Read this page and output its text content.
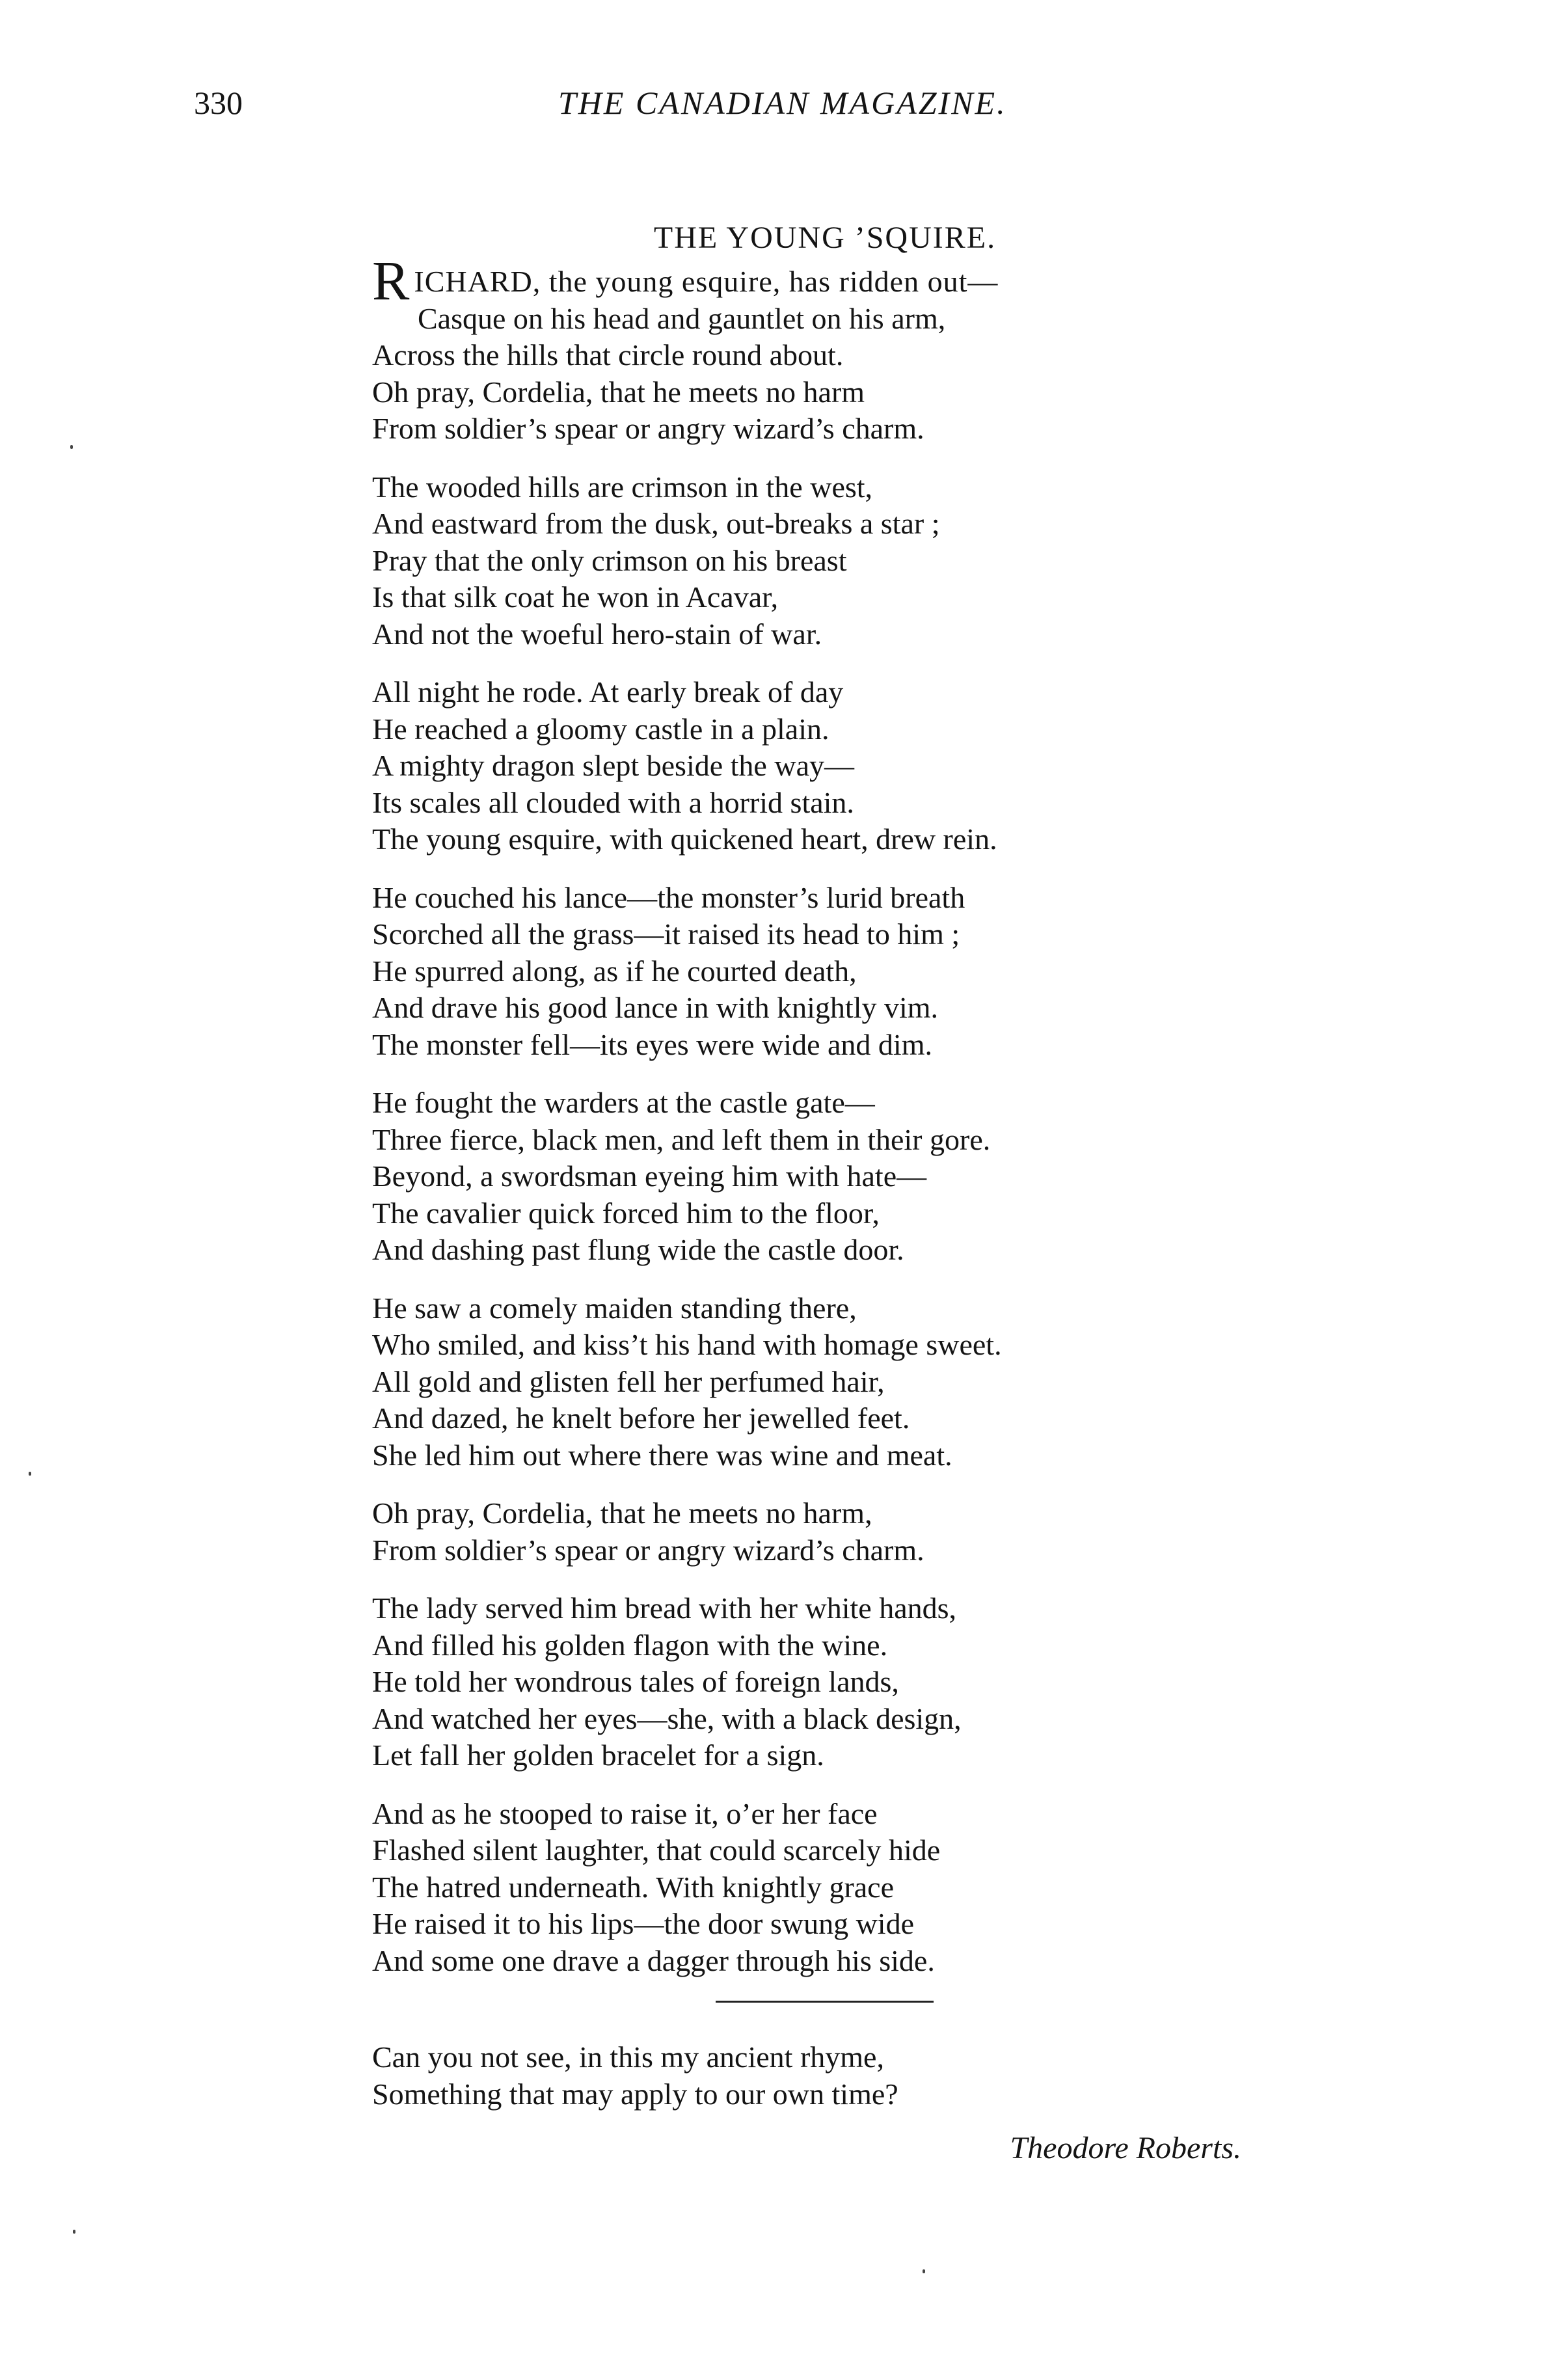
330	THE CANADIAN MAGAZINE.
THE YOUNG ’SQUIRE.
RICHARD, the young esquire, has ridden out—
Casque on his head and gauntlet on his arm,
Across the hills that circle round about.
Oh pray, Cordelia, that he meets no harm
From soldier’s spear or angry wizard’s charm.
The wooded hills are crimson in the west,
And eastward from the dusk, out-breaks a star ;
Pray that the only crimson on his breast
Is that silk coat he won in Acavar,
And not the woeful hero-stain of war.
All night he rode. At early break of day
He reached a gloomy castle in a plain.
A mighty dragon slept beside the way—
Its scales all clouded with a horrid stain.
The young esquire, with quickened heart, drew rein.
He couched his lance—the monster’s lurid breath
Scorched all the grass—it raised its head to him ;
He spurred along, as if he courted death,
And drave his good lance in with knightly vim.
The monster fell—its eyes were wide and dim.
He fought the warders at the castle gate—
Three fierce, black men, and left them in their gore.
Beyond, a swordsman eyeing him with hate—
The cavalier quick forced him to the floor,
And dashing past flung wide the castle door.
He saw a comely maiden standing there,
Who smiled, and kiss’t his hand with homage sweet.
All gold and glisten fell her perfumed hair,
And dazed, he knelt before her jewelled feet.
She led him out where there was wine and meat.
Oh pray, Cordelia, that he meets no harm,
From soldier’s spear or angry wizard’s charm.
The lady served him bread with her white hands,
And filled his golden flagon with the wine.
He told her wondrous tales of foreign lands,
And watched her eyes—she, with a black design,
Let fall her golden bracelet for a sign.
And as he stooped to raise it, o’er her face
Flashed silent laughter, that could scarcely hide
The hatred underneath. With knightly grace
He raised it to his lips—the door swung wide
And some one drave a dagger through his side.
Can you not see, in this my ancient rhyme,
Something that may apply to our own time?
Theodore Roberts.
